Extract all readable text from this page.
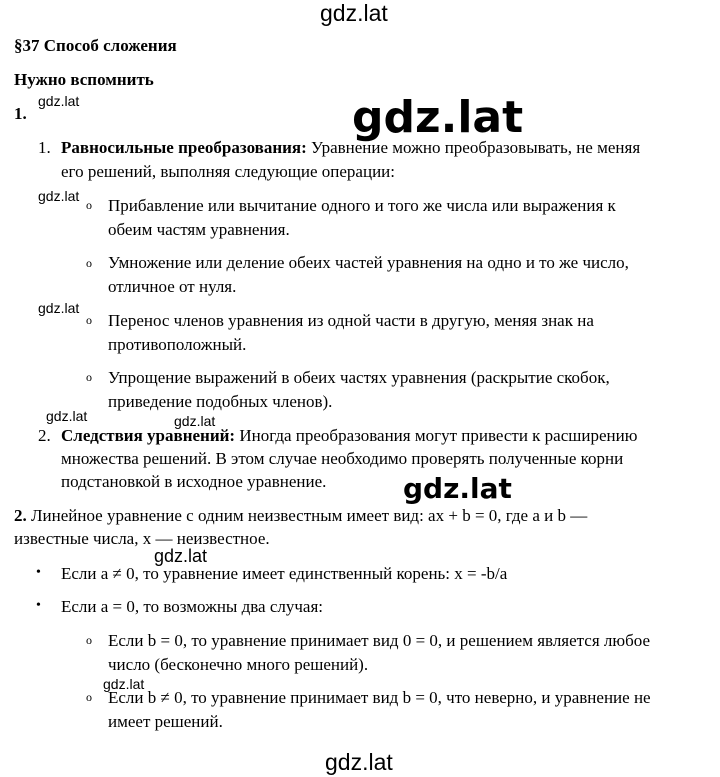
gdz.lat
gdz.lat	gdz.lat
gdz.lat
gdz.lat
gdz.lat	gdz.lat
gdz.lat
gdz.lat
gdz.lat
gdz.lat
§37 Способ сложения
Нужно вспомнить
1.
1. Равносильные преобразования: Уравнение можно преобразовывать, не меняя
его решений, выполняя следующие операции:
o Прибавление или вычитание одного и того же числа или выражения к
обеим частям уравнения.
o Умножение или деление обеих частей уравнения на одно и то же число,
отличное от нуля.
o Перенос членов уравнения из одной части в другую, меняя знак на
противоположный.
o Упрощение выражений в обеих частях уравнения (раскрытие скобок,
приведение подобных членов).
2. Следствия уравнений: Иногда преобразования могут привести к расширению
множества решений. В этом случае необходимо проверять полученные корни
подстановкой в исходное уравнение.
2. Линейное уравнение с одним неизвестным имеет вид: ax + b = 0, где a и b —
известные числа, x — неизвестное.
• Если a ≠ 0, то уравнение имеет единственный корень: x = -b/a
• Если a = 0, то возможны два случая:
o Если b = 0, то уравнение принимает вид 0 = 0, и решением является любое
число (бесконечно много решений).
o Если b ≠ 0, то уравнение принимает вид b = 0, что неверно, и уравнение не
имеет решений.
